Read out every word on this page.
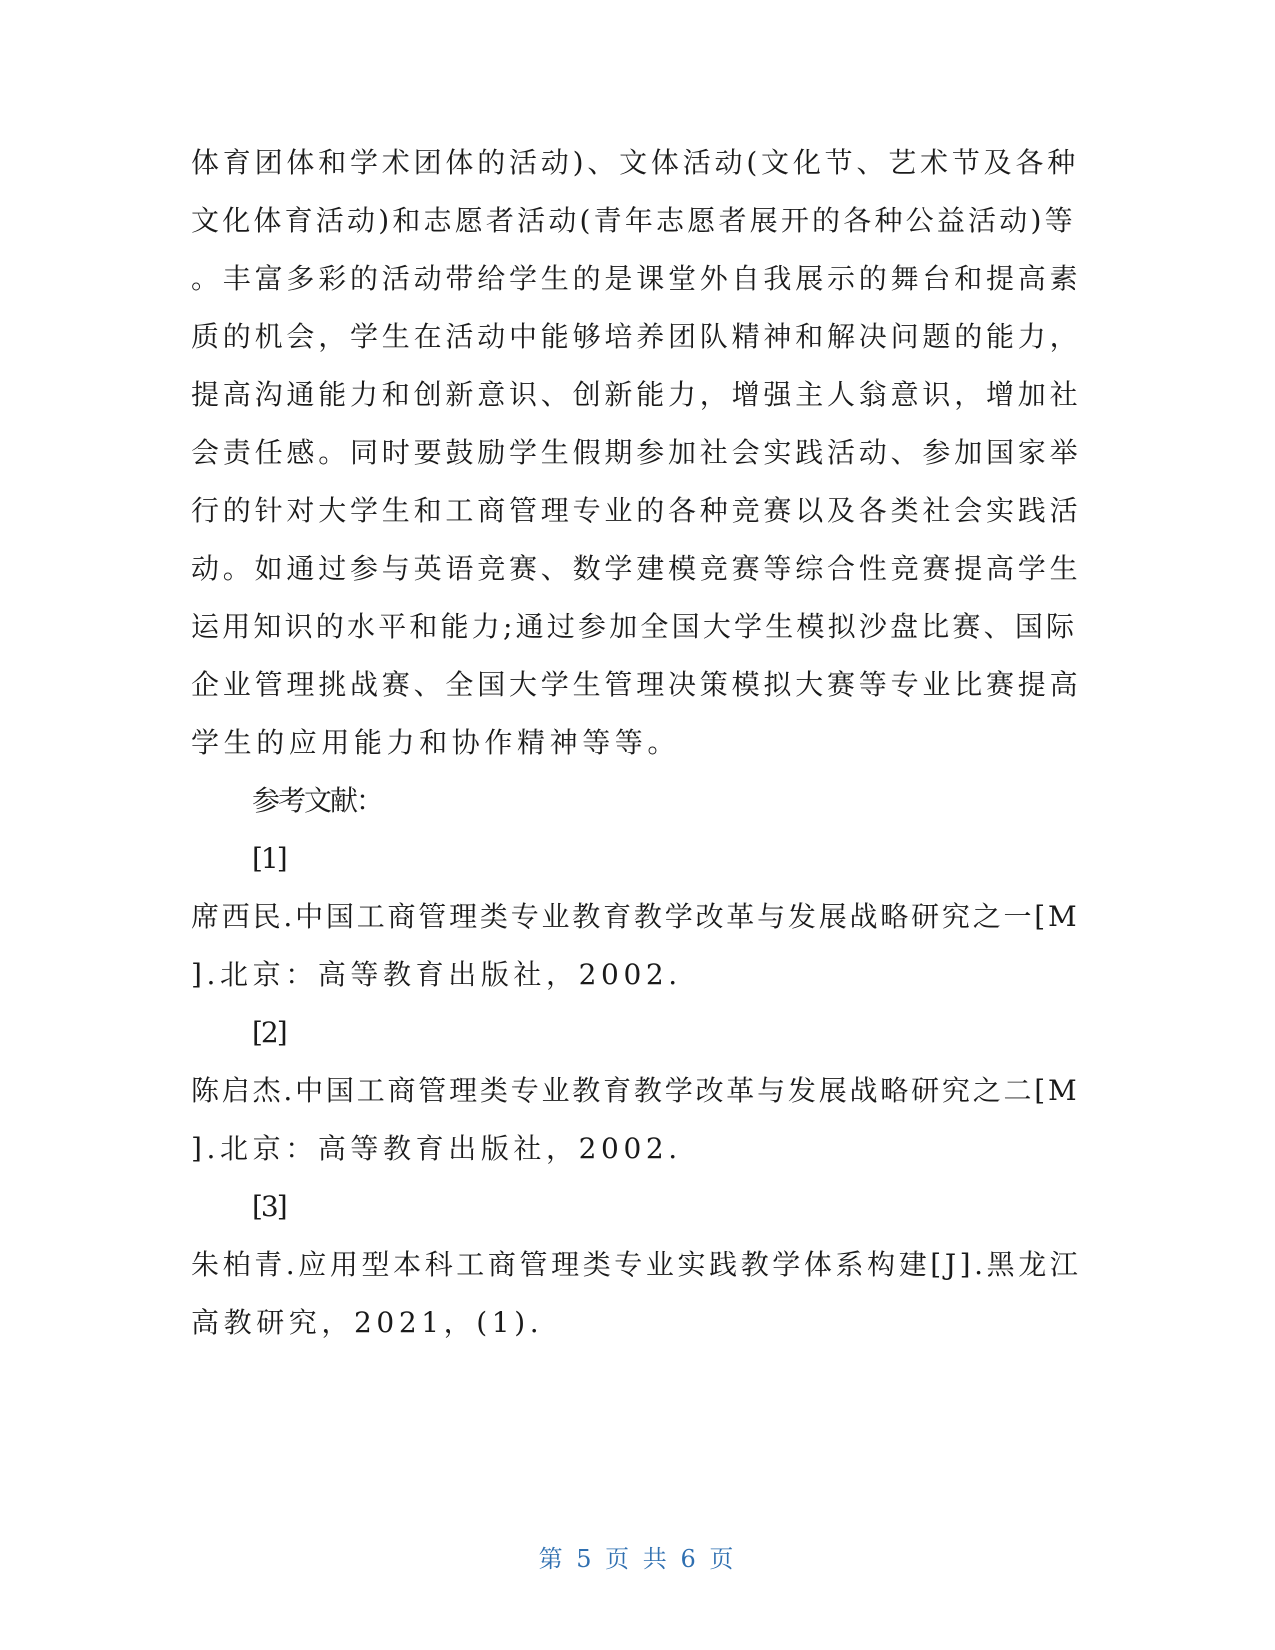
体育团体和学术团体的活动)、文体活动(文化节、艺术节及各种
文化体育活动)和志愿者活动(青年志愿者展开的各种公益活动)等
。丰富多彩的活动带给学生的是课堂外自我展示的舞台和提高素
质的机会，学生在活动中能够培养团队精神和解决问题的能力，
提高沟通能力和创新意识、创新能力，增强主人翁意识，增加社
会责任感。同时要鼓励学生假期参加社会实践活动、参加国家举
行的针对大学生和工商管理专业的各种竞赛以及各类社会实践活
动。如通过参与英语竞赛、数学建模竞赛等综合性竞赛提高学生
运用知识的水平和能力;通过参加全国大学生模拟沙盘比赛、国际
企业管理挑战赛、全国大学生管理决策模拟大赛等专业比赛提高
学生的应用能力和协作精神等等。
参考文献：
[1]
席西民.中国工商管理类专业教育教学改革与发展战略研究之一[M
].北京：高等教育出版社，2002.
[2]
陈启杰.中国工商管理类专业教育教学改革与发展战略研究之二[M
].北京：高等教育出版社，2002.
[3]
朱柏青.应用型本科工商管理类专业实践教学体系构建[J].黑龙江
高教研究，2021，(1).
第 5 页 共 6 页
